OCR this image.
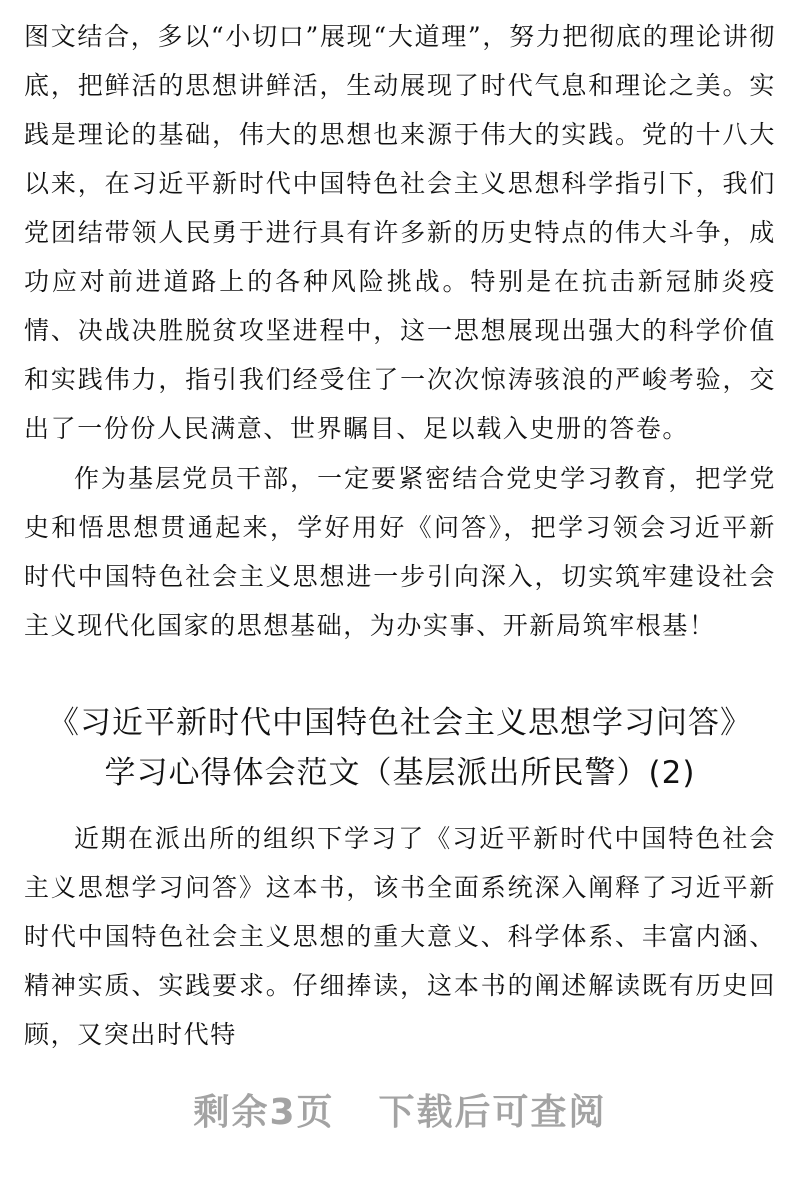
图文结合，多以“小切口”展现“大道理”，努力把彻底的理论讲彻底，把鲜活的思想讲鲜活，生动展现了时代气息和理论之美。实践是理论的基础，伟大的思想也来源于伟大的实践。党的十八大以来，在习近平新时代中国特色社会主义思想科学指引下，我们党团结带领人民勇于进行具有许多新的历史特点的伟大斗争，成功应对前进道路上的各种风险挑战。特别是在抗击新冠肺炎疫情、决战决胜脱贫攻坚进程中，这一思想展现出强大的科学价值和实践伟力，指引我们经受住了一次次惊涛骇浪的严峻考验，交出了一份份人民满意、世界瞩目、足以载入史册的答卷。

作为基层党员干部，一定要紧密结合党史学习教育，把学党史和悟思想贯通起来，学好用好《问答》，把学习领会习近平新时代中国特色社会主义思想进一步引向深入，切实筑牢建设社会主义现代化国家的思想基础，为办实事、开新局筑牢根基！

《习近平新时代中国特色社会主义思想学习问答》
学习心得体会范文（基层派出所民警）(2)

近期在派出所的组织下学习了《习近平新时代中国特色社会主义思想学习问答》这本书，该书全面系统深入阐释了习近平新时代中国特色社会主义思想的重大意义、科学体系、丰富内涵、精神实质、实践要求。仔细捧读，这本书的阐述解读既有历史回顾，又突出时代特

剩余3页 下载后可查阅
